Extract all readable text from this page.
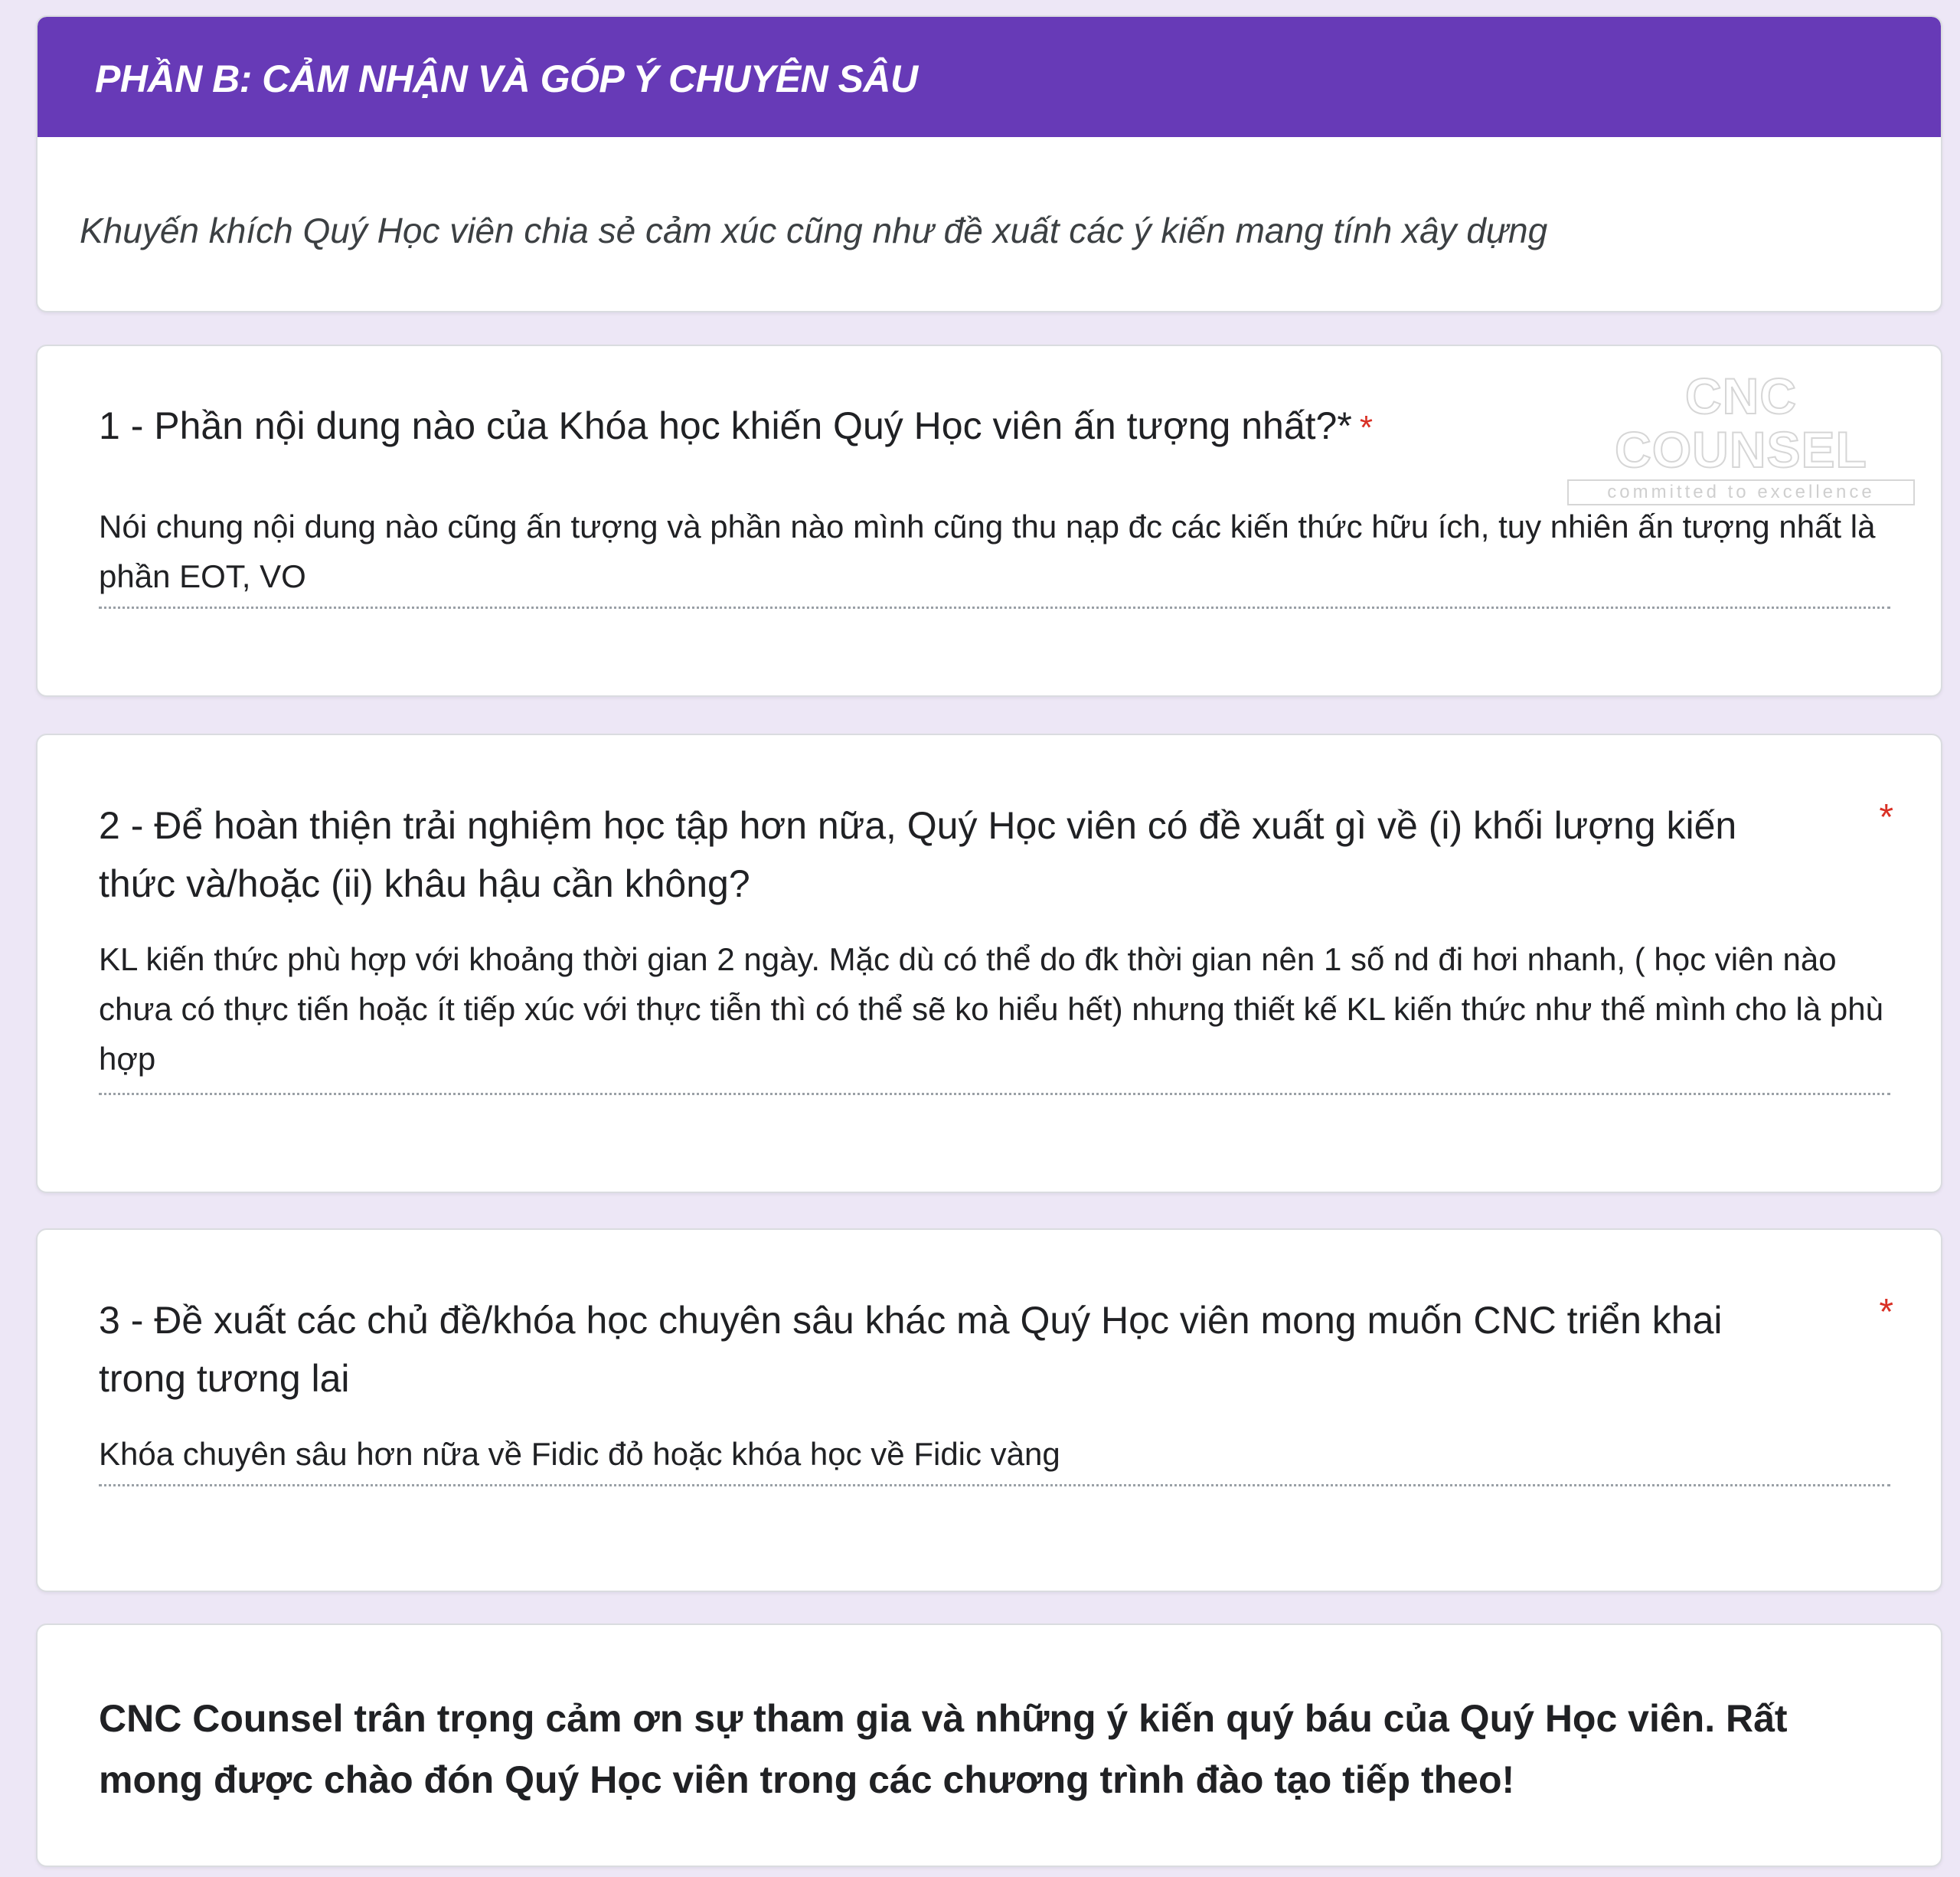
PHẦN B: CẢM NHẬN VÀ GÓP Ý CHUYÊN SÂU

Khuyến khích Quý Học viên chia sẻ cảm xúc cũng như đề xuất các ý kiến mang tính xây dựng

1 - Phần nội dung nào của Khóa học khiến Quý Học viên ấn tượng nhất?* *
CNC COUNSEL
committed to excellence

Nói chung nội dung nào cũng ấn tượng và phần nào mình cũng thu nạp đc các kiến thức hữu ích, tuy nhiên ấn tượng nhất là phần EOT, VO

2 - Để hoàn thiện trải nghiệm học tập hơn nữa, Quý Học viên có đề xuất gì về (i) khối lượng kiến thức và/hoặc (ii) khâu hậu cần không?
*

KL kiến thức phù hợp với khoảng thời gian 2 ngày. Mặc dù có thể do đk thời gian nên 1 số nd đi hơi nhanh, ( học viên nào chưa có thực tiến hoặc ít tiếp xúc với thực tiễn thì có thể sẽ ko hiểu hết) nhưng thiết kế KL kiến thức như thế mình cho là phù hợp

3 - Đề xuất các chủ đề/khóa học chuyên sâu khác mà Quý Học viên mong muốn CNC triển khai trong tương lai
*

Khóa chuyên sâu hơn nữa về Fidic đỏ hoặc khóa học về Fidic vàng

CNC Counsel trân trọng cảm ơn sự tham gia và những ý kiến quý báu của Quý Học viên. Rất mong được chào đón Quý Học viên trong các chương trình đào tạo tiếp theo!
